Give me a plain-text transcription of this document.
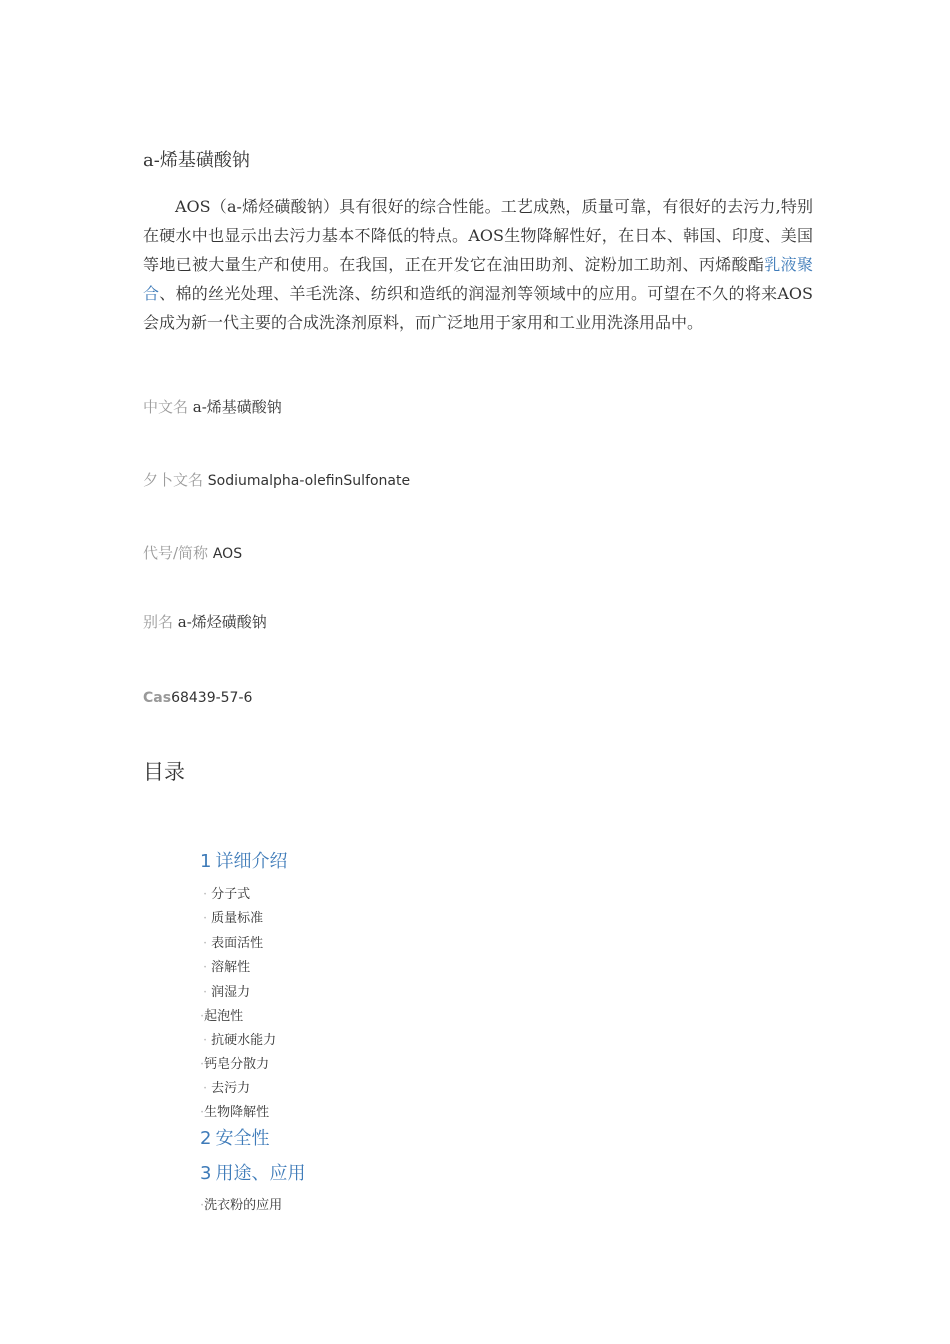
a-烯基磺酸钠

AOS（a-烯烃磺酸钠）具有很好的综合性能。工艺成熟，质量可靠，有很好的去污力,特别在硬水中也显示出去污力基本不降低的特点。AOS生物降解性好，在日本、韩国、印度、美国等地已被大量生产和使用。在我国，正在开发它在油田助剂、淀粉加工助剂、丙烯酸酯乳液聚合、棉的丝光处理、羊毛洗涤、纺织和造纸的润湿剂等领域中的应用。可望在不久的将来AOS会成为新一代主要的合成洗涤剂原料，而广泛地用于家用和工业用洗涤用品中。

中文名 a-烯基磺酸钠
夕卜文名 Sodiumalpha-olefinSulfonate
代号/简称 AOS
别名 a-烯烃磺酸钠
Cas68439-57-6
目录
1 详细介绍
· 分子式
· 质量标准
· 表面活性
· 溶解性
· 润湿力
·起泡性
· 抗硬水能力
·钙皂分散力
· 去污力
·生物降解性
2 安全性
3 用途、应用
·洗衣粉的应用
